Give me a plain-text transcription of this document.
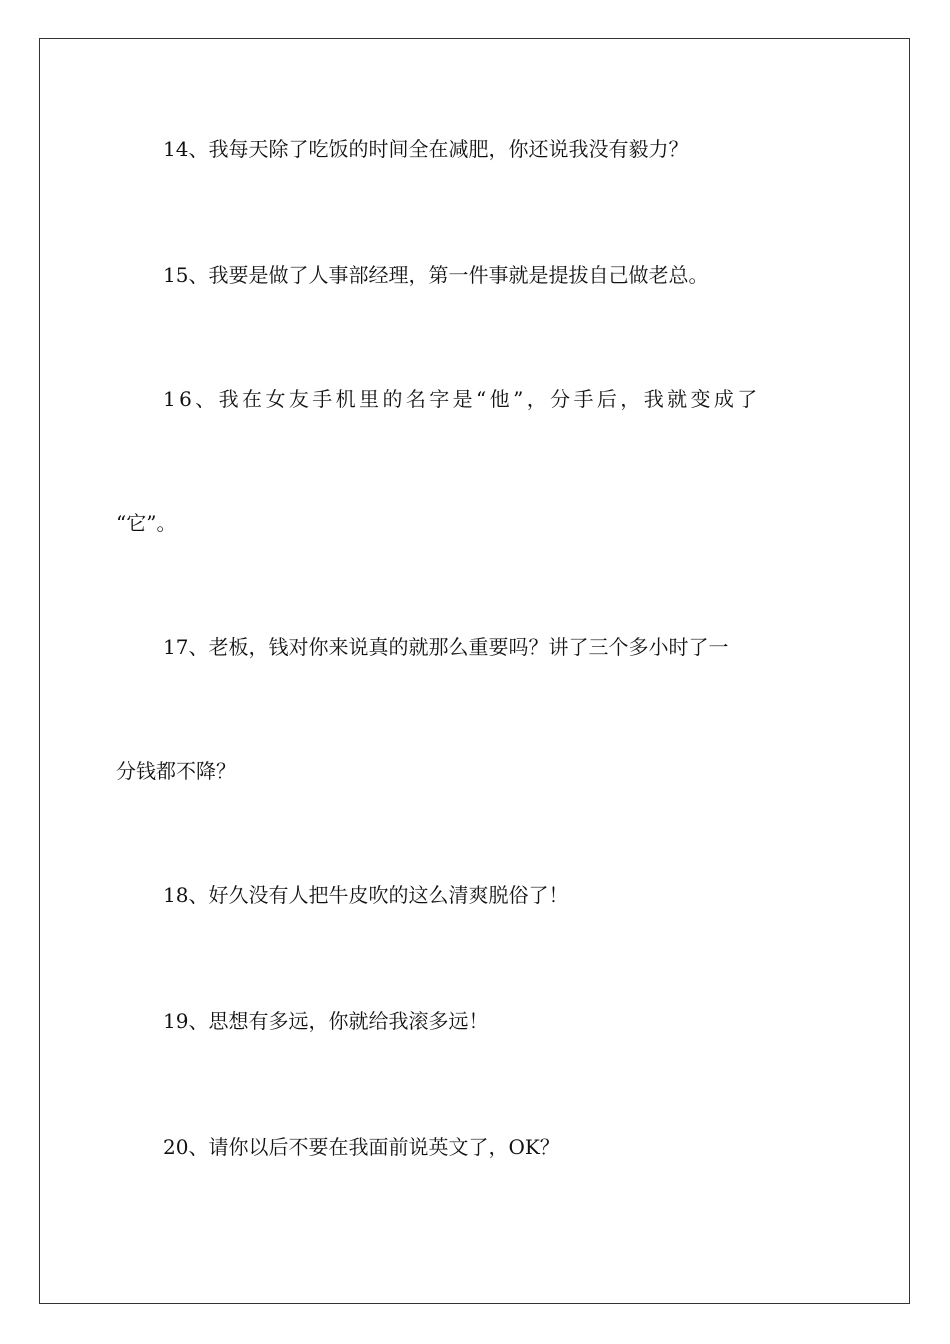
14、我每天除了吃饭的时间全在减肥，你还说我没有毅力？

15、我要是做了人事部经理，第一件事就是提拔自己做老总。

16、我在女友手机里的名字是“他”，分手后，我就变成了

“它”。

17、老板，钱对你来说真的就那么重要吗？讲了三个多小时了一

分钱都不降？

18、好久没有人把牛皮吹的这么清爽脱俗了！

19、思想有多远，你就给我滚多远！

20、请你以后不要在我面前说英文了，OK？
